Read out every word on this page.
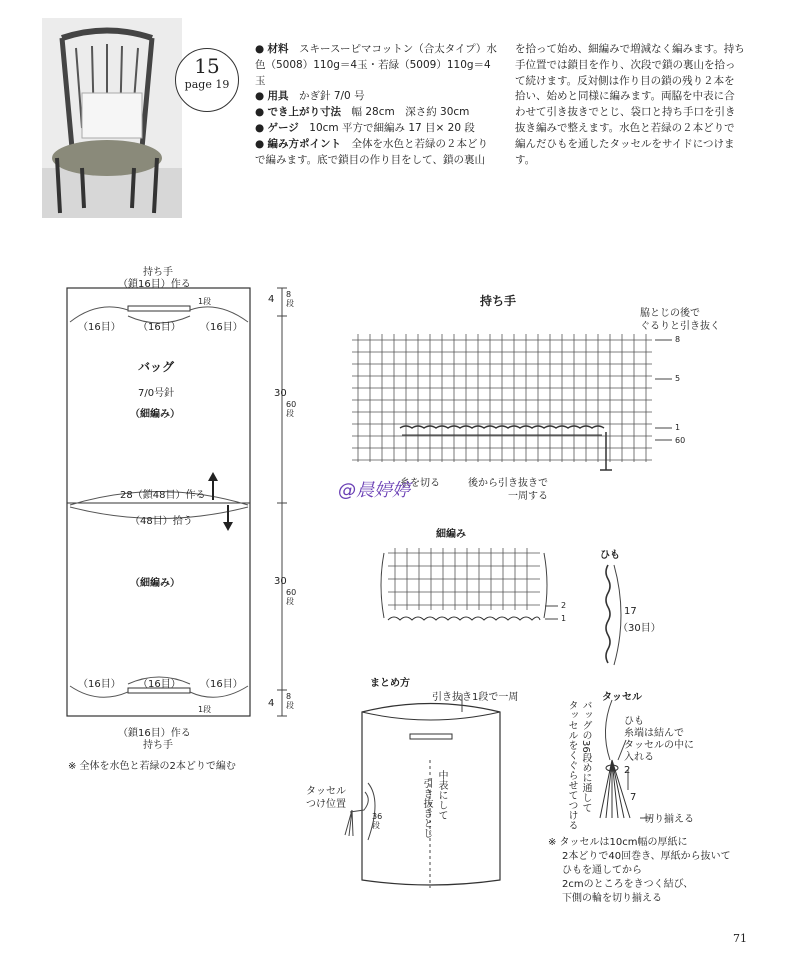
15
page 19
● 材料　 スキースーピマコットン（合太タイプ）水色（5008）110g＝4玉・若緑（5009）110g＝4玉
● 用具　 かぎ針 7/0 号
● でき上がり寸法　 幅 28cm　深さ約 30cm
● ゲージ　 10cm 平方で細編み 17 目× 20 段
● 編み方ポイント　 全体を水色と若緑の２本どりで編みます。底で鎖目の作り目をして、鎖の裏山
を拾って始め、細編みで増減なく編みます。持ち手位置では鎖目を作り、次段で鎖の裏山を拾って続けます。反対側は作り目の鎖の残り２本を拾い、始めと同様に編みます。両脇を中表に合わせて引き抜きでとじ、袋口と持ち手口を引き抜き編みで整えます。水色と若緑の２本どりで編んだひもを通したタッセルをサイドにつけます。
持ち手
（鎖16目）作る
（16目） （16目） （16目）
1段
バッグ
7/0号針
（細編み）
28（鎖48目）作る
（48目）拾う
（細編み）
（16目） （16目） （16目）
1段
（鎖16目）作る
持ち手
4 8段
30
60段
30
60段
4
8段
※ 全体を水色と若緑の2本どりで編む
持ち手
脇とじの後で
ぐるりと引き抜く
8
5
1
60
糸を切る	後から引き抜きで
一周する
@晨婷婷
細編み
2
1
ひも
17
（30目）
まとめ方
引き抜き1段で一周
タッセル
つけ位置
36段
中表にして
引き抜きとじ
タッセル
ひも
糸端は結んで
タッセルの中に
入れる
バッグの36段めに通して
タッセルをくぐらせてつける	2
7
切り揃える
※ タッセルは10cm幅の厚紙に
2本どりで40回巻き、厚紙から抜いて
ひもを通してから
2cmのところをきつく結び、
下側の輪を切り揃える
71
